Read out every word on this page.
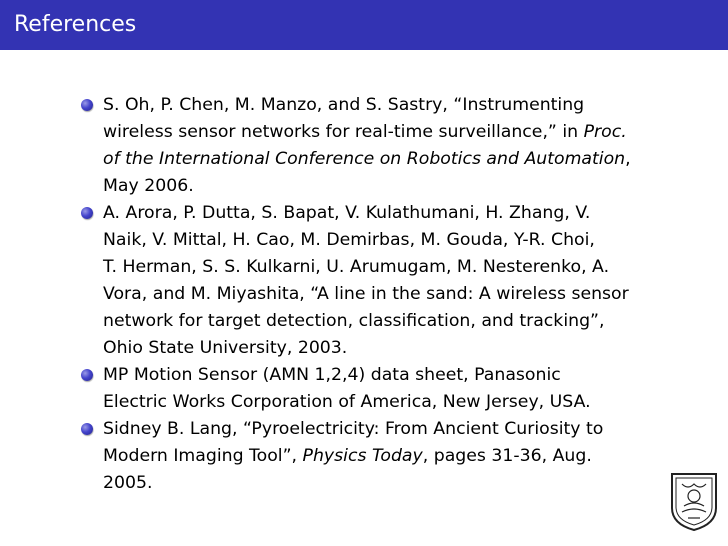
References
S. Oh, P. Chen, M. Manzo, and S. Sastry, “Instrumenting
wireless sensor networks for real-time surveillance,” in Proc.
of the International Conference on Robotics and Automation,
May 2006.
A. Arora, P. Dutta, S. Bapat, V. Kulathumani, H. Zhang, V.
Naik, V. Mittal, H. Cao, M. Demirbas, M. Gouda, Y-R. Choi,
T. Herman, S. S. Kulkarni, U. Arumugam, M. Nesterenko, A.
Vora, and M. Miyashita, “A line in the sand: A wireless sensor
network for target detection, classification, and tracking”,
Ohio State University, 2003.
MP Motion Sensor (AMN 1,2,4) data sheet, Panasonic
Electric Works Corporation of America, New Jersey, USA.
Sidney B. Lang, “Pyroelectricity: From Ancient Curiosity to
Modern Imaging Tool”, Physics Today, pages 31-36, Aug.
2005.
